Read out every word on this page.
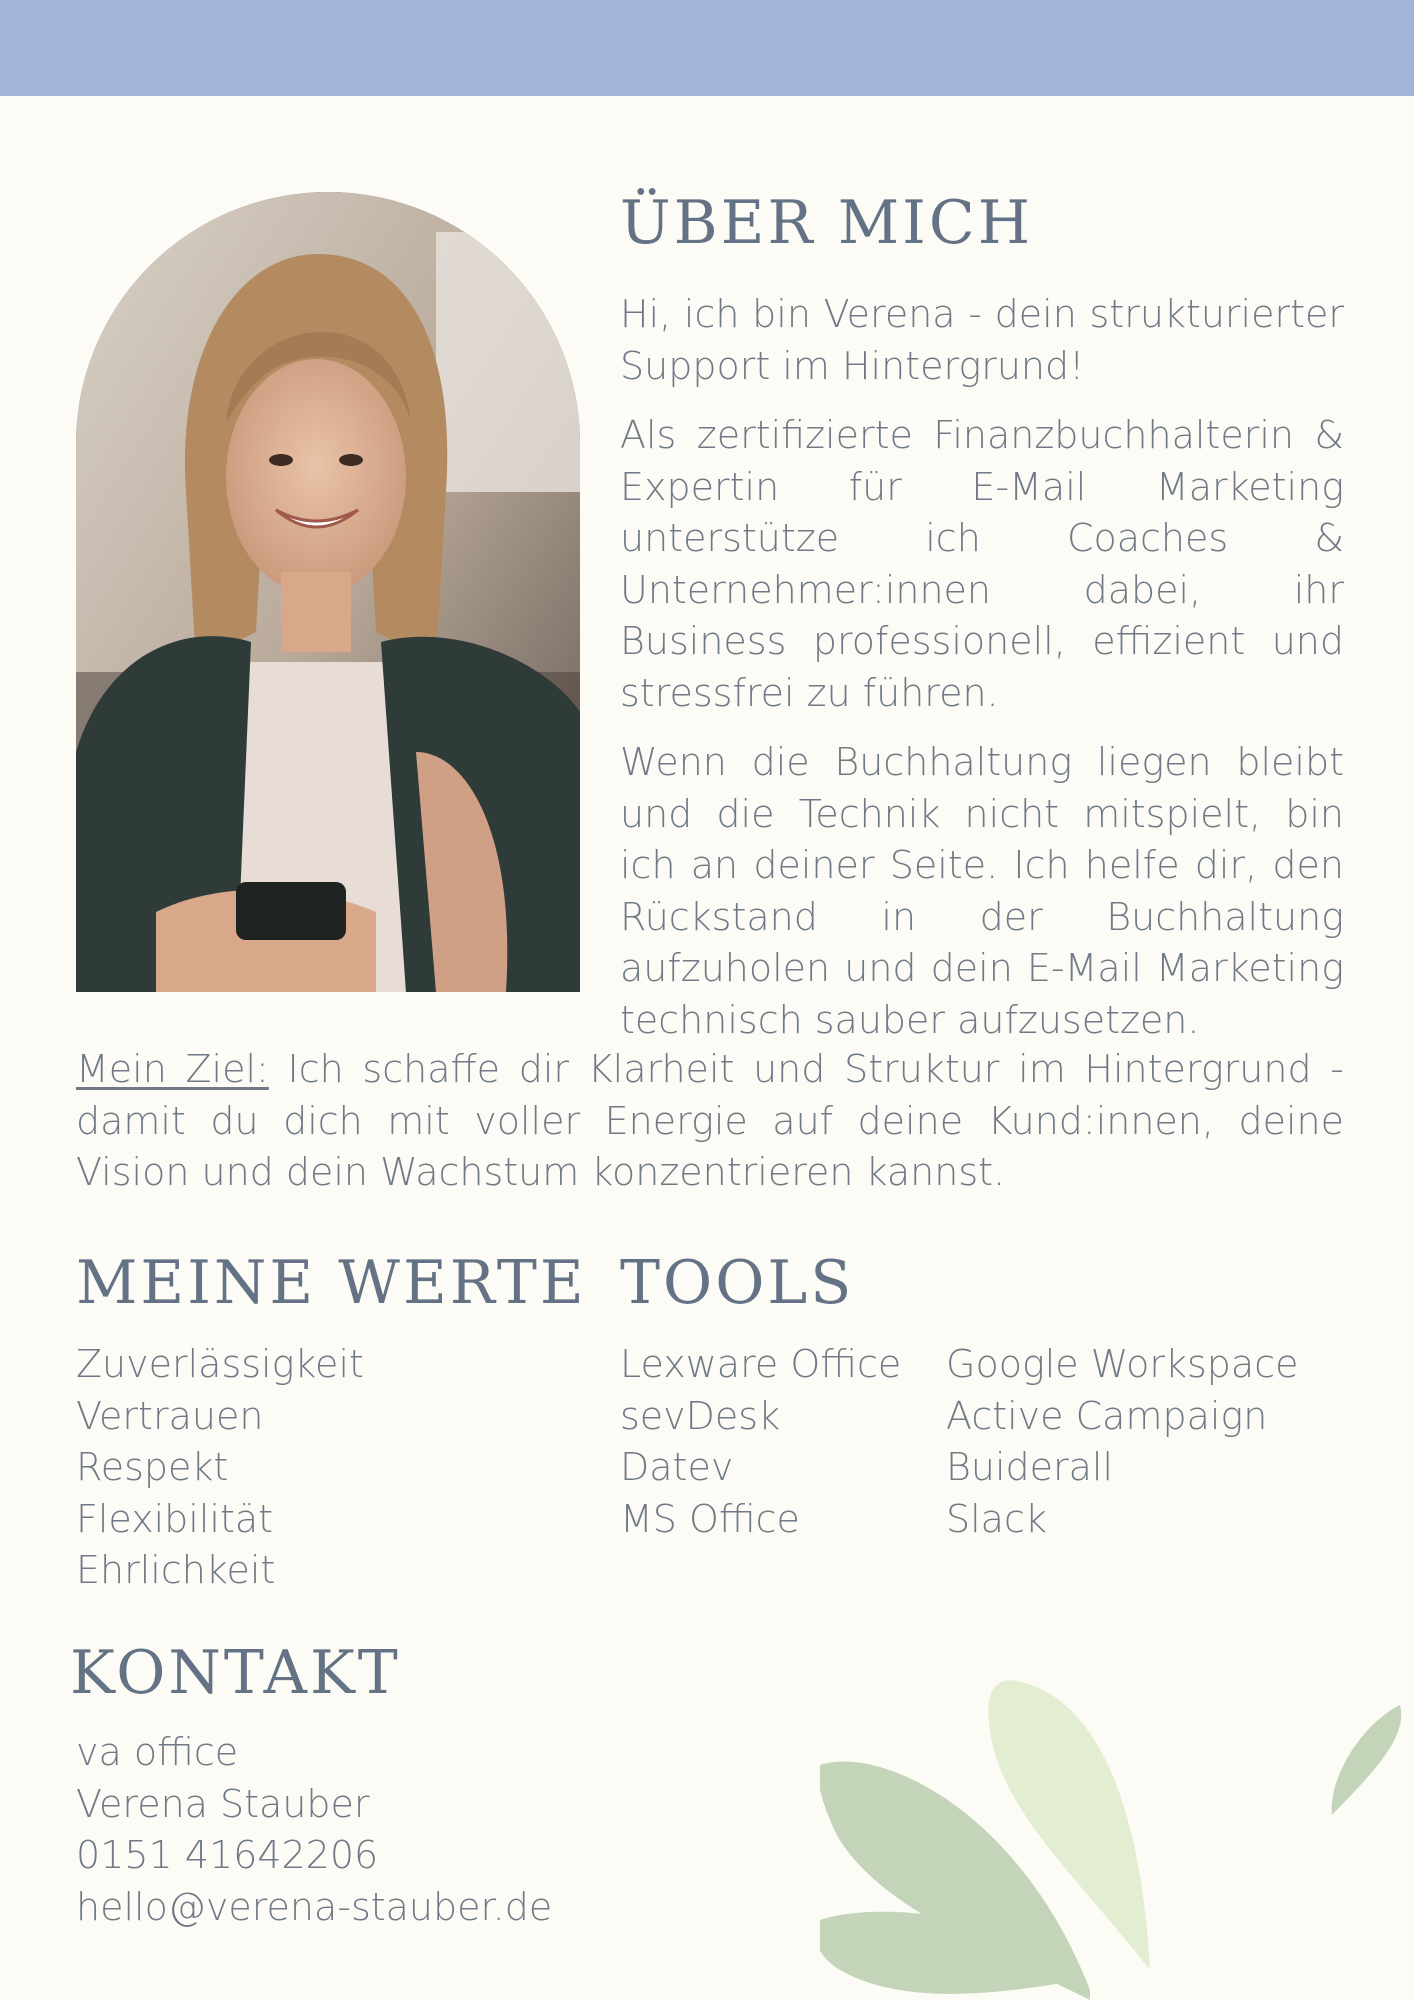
ÜBER MICH

Hi, ich bin Verena - dein strukturierter Support im Hintergrund!

Als zertifizierte Finanzbuchhalterin & Expertin für E-Mail Marketing unterstütze ich Coaches & Unternehmer:innen dabei, ihr Business professionell, effizient und stressfrei zu führen.

Wenn die Buchhaltung liegen bleibt und die Technik nicht mitspielt, bin ich an deiner Seite. Ich helfe dir, den Rückstand in der Buchhaltung aufzuholen und dein E-Mail Marketing technisch sauber aufzusetzen.

Mein Ziel: Ich schaffe dir Klarheit und Struktur im Hintergrund - damit du dich mit voller Energie auf deine Kund:innen, deine Vision und dein Wachstum konzentrieren kannst.

MEINE WERTE
Zuverlässigkeit
Vertrauen
Respekt
Flexibilität
Ehrlichkeit
TOOLS
Lexware Office
sevDesk
Datev
MS Office
Google Workspace
Active Campaign
Buiderall
Slack
KONTAKT
va office
Verena Stauber
0151 41642206
hello@verena-stauber.de
